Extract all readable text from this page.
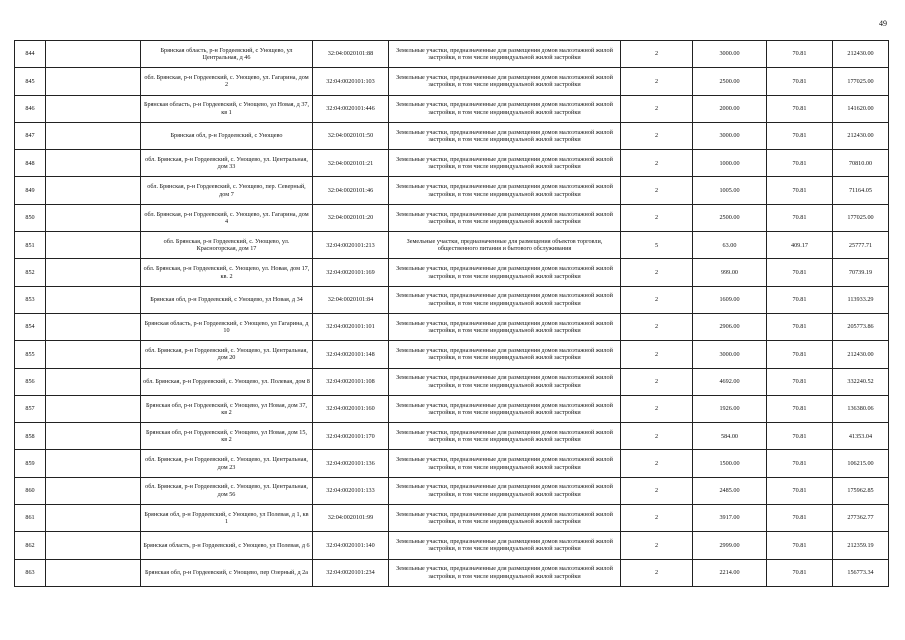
49
844		Брянская область, р-н Гордеевский, с Унощево, ул Центральная, д 46	32:04:0020101:88	Земельные участки, предназначенные для размещения домов малоэтажной жилой застройки, в том числе индивидуальной жилой застройки	2	3000.00	70.81	212430.00
845		обл. Брянская, р-н Гордеевский, с. Унощево, ул. Гагарина, дом 2	32:04:0020101:103	Земельные участки, предназначенные для размещения домов малоэтажной жилой застройки, в том числе индивидуальной жилой застройки	2	2500.00	70.81	177025.00
846		Брянская область, р-н Гордеевский, с Унощево, ул Новая, д 37, кв 1	32:04:0020101:446	Земельные участки, предназначенные для размещения домов малоэтажной жилой застройки, в том числе индивидуальной жилой застройки	2	2000.00	70.81	141620.00
847		Брянская обл, р-н Гордеевский, с Унощево	32:04:0020101:50	Земельные участки, предназначенные для размещения домов малоэтажной жилой застройки, в том числе индивидуальной жилой застройки	2	3000.00	70.81	212430.00
848		обл. Брянская, р-н Гордеевский, с. Унощево, ул. Центральная, дом 33	32:04:0020101:21	Земельные участки, предназначенные для размещения домов малоэтажной жилой застройки, в том числе индивидуальной жилой застройки	2	1000.00	70.81	70810.00
849		обл. Брянская, р-н Гордеевский, с. Унощево, пер. Северный, дом 7	32:04:0020101:46	Земельные участки, предназначенные для размещения домов малоэтажной жилой застройки, в том числе индивидуальной жилой застройки	2	1005.00	70.81	71164.05
850		обл. Брянская, р-н Гордеевский, с. Унощево, ул. Гагарина, дом 4	32:04:0020101:20	Земельные участки, предназначенные для размещения домов малоэтажной жилой застройки, в том числе индивидуальной жилой застройки	2	2500.00	70.81	177025.00
851		обл. Брянская, р-н Гордеевский, с. Унощево, ул. Красногорская, дом 17	32:04:0020101:213	Земельные участки, предназначенные для размещения объектов торговли, общественного питания и бытового обслуживания	5	63.00	409.17	25777.71
852		обл. Брянская, р-н Гордеевский, с. Унощево, ул. Новая, дом 17, кв. 2	32:04:0020101:169	Земельные участки, предназначенные для размещения домов малоэтажной жилой застройки, в том числе индивидуальной жилой застройки	2	999.00	70.81	70739.19
853		Брянская обл, р-н Гордеевский, с Унощево, ул Новая, д 34	32:04:0020101:84	Земельные участки, предназначенные для размещения домов малоэтажной жилой застройки, в том числе индивидуальной жилой застройки	2	1609.00	70.81	113933.29
854		Брянская область, р-н Гордеевский, с Унощево, ул Гагарина, д 10	32:04:0020101:101	Земельные участки, предназначенные для размещения домов малоэтажной жилой застройки, в том числе индивидуальной жилой застройки	2	2906.00	70.81	205773.86
855		обл. Брянская, р-н Гордеевский, с. Унощево, ул. Центральная, дом 20	32:04:0020101:148	Земельные участки, предназначенные для размещения домов малоэтажной жилой застройки, в том числе индивидуальной жилой застройки	2	3000.00	70.81	212430.00
856		обл. Брянская, р-н Гордеевский, с. Унощево, ул. Полевая, дом 8	32:04:0020101:108	Земельные участки, предназначенные для размещения домов малоэтажной жилой застройки, в том числе индивидуальной жилой застройки	2	4692.00	70.81	332240.52
857		Брянская обл, р-н Гордеевский, с Унощево, ул Новая, дом 37, кв 2	32:04:0020101:160	Земельные участки, предназначенные для размещения домов малоэтажной жилой застройки, в том числе индивидуальной жилой застройки	2	1926.00	70.81	136380.06
858		Брянская обл, р-н Гордеевский, с Унощево, ул Новая, дом 15, кв 2	32:04:0020101:170	Земельные участки, предназначенные для размещения домов малоэтажной жилой застройки, в том числе индивидуальной жилой застройки	2	584.00	70.81	41353.04
859		обл. Брянская, р-н Гордеевский, с. Унощево, ул. Центральная, дом 23	32:04:0020101:136	Земельные участки, предназначенные для размещения домов малоэтажной жилой застройки, в том числе индивидуальной жилой застройки	2	1500.00	70.81	106215.00
860		обл. Брянская, р-н Гордеевский, с. Унощево, ул. Центральная, дом 56	32:04:0020101:133	Земельные участки, предназначенные для размещения домов малоэтажной жилой застройки, в том числе индивидуальной жилой застройки	2	2485.00	70.81	175962.85
861		Брянская обл, р-н Гордеевский, с Унощево, ул Полевая, д 1, кв 1	32:04:0020101:99	Земельные участки, предназначенные для размещения домов малоэтажной жилой застройки, в том числе индивидуальной жилой застройки	2	3917.00	70.81	277362.77
862		Брянская область, р-н Гордеевский, с Унощево, ул Полевая, д 6	32:04:0020101:140	Земельные участки, предназначенные для размещения домов малоэтажной жилой застройки, в том числе индивидуальной жилой застройки	2	2999.00	70.81	212359.19
863		Брянская обл, р-н Гордеевский, с Унощево, пер Озерный, д 2а	32:04:0020101:234	Земельные участки, предназначенные для размещения домов малоэтажной жилой застройки, в том числе индивидуальной жилой застройки	2	2214.00	70.81	156773.34
